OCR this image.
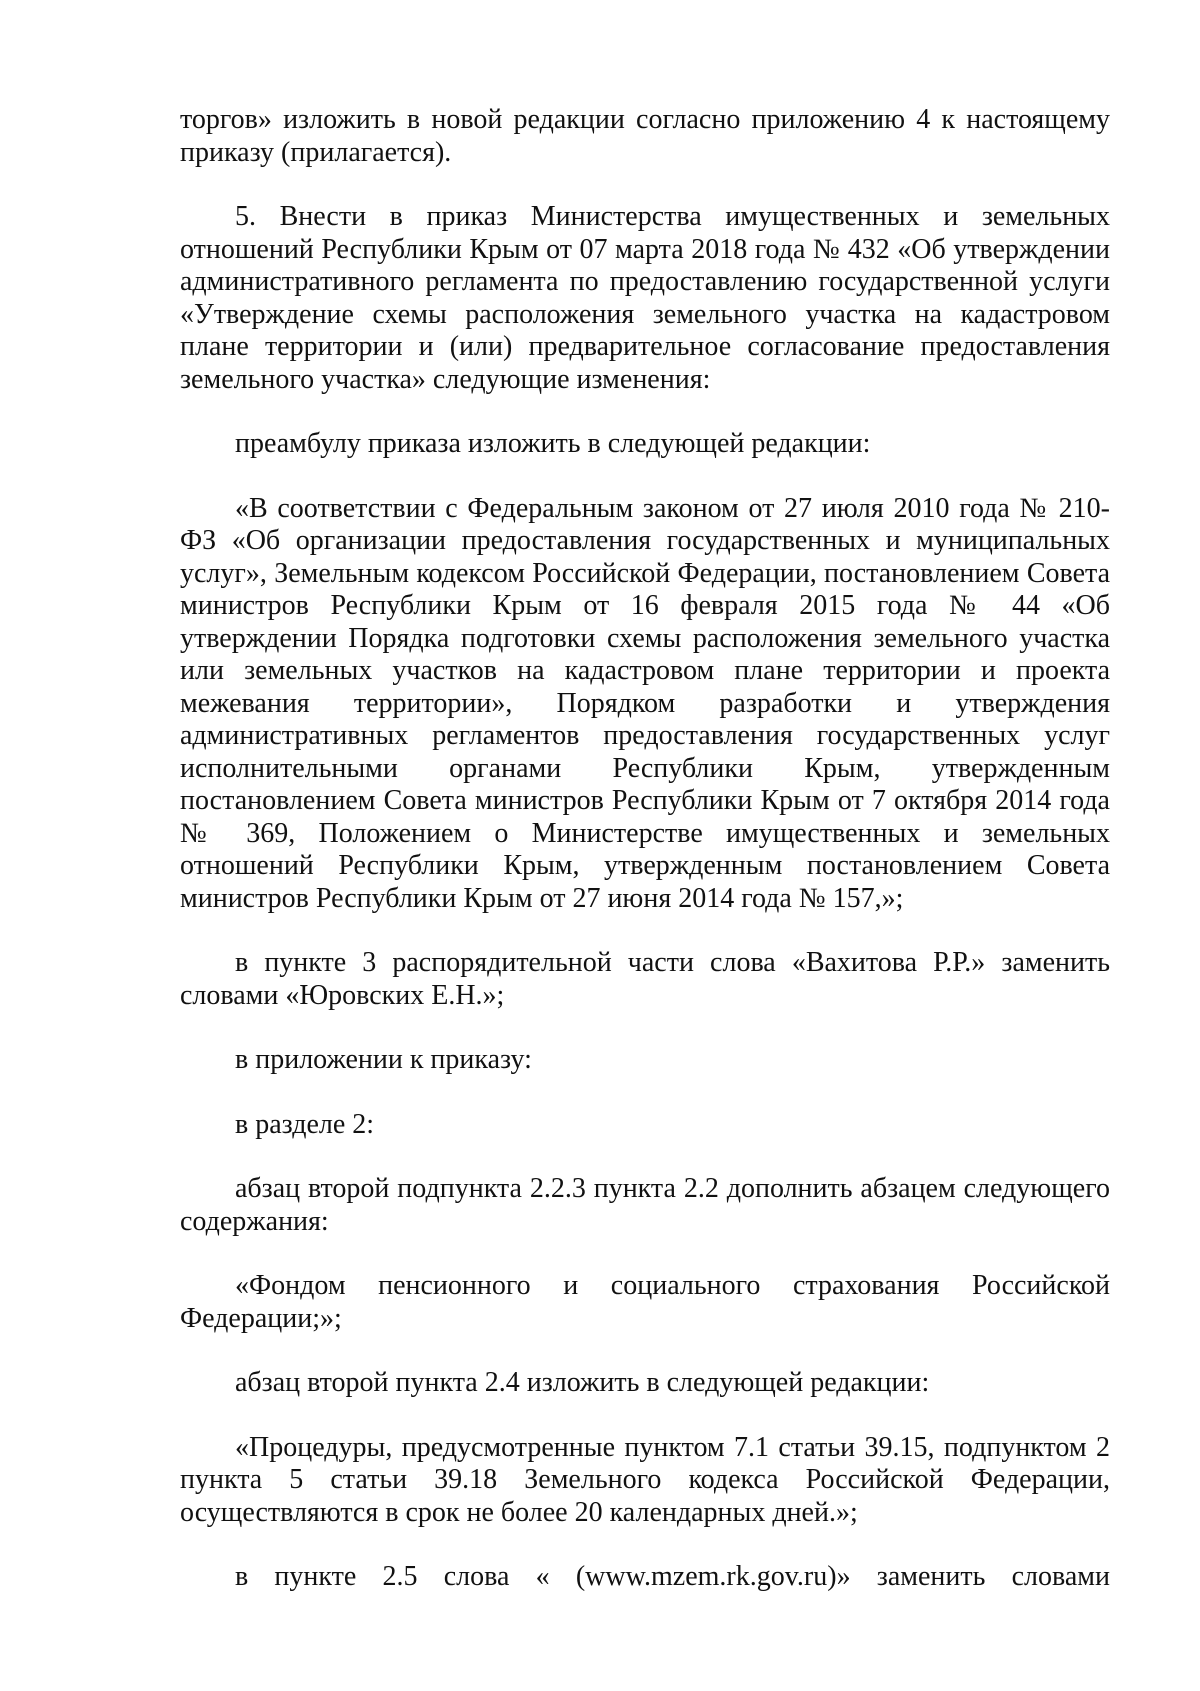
торгов» изложить в новой редакции согласно приложению 4 к настоящему приказу (прилагается).

5. Внести в приказ Министерства имущественных и земельных отношений Республики Крым от 07 марта 2018 года № 432 «Об утверждении административного регламента по предоставлению государственной услуги «Утверждение схемы расположения земельного участка на кадастровом плане территории и (или) предварительное согласование предоставления земельного участка» следующие изменения:

преамбулу приказа изложить в следующей редакции:

«В соответствии с Федеральным законом от 27 июля 2010 года № 210-ФЗ «Об организации предоставления государственных и муниципальных услуг», Земельным кодексом Российской Федерации, постановлением Совета министров Республики Крым от 16 февраля 2015 года № 44 «Об утверждении Порядка подготовки схемы расположения земельного участка или земельных участков на кадастровом плане территории и проекта межевания территории», Порядком разработки и утверждения административных регламентов предоставления государственных услуг исполнительными органами Республики Крым, утвержденным постановлением Совета министров Республики Крым от 7 октября 2014 года № 369, Положением о Министерстве имущественных и земельных отношений Республики Крым, утвержденным постановлением Совета министров Республики Крым от 27 июня 2014 года № 157,»;

в пункте 3 распорядительной части слова «Вахитова Р.Р.» заменить словами «Юровских Е.Н.»;

в приложении к приказу:

в разделе 2:

абзац второй подпункта 2.2.3 пункта 2.2 дополнить абзацем следующего содержания:

«Фондом пенсионного и социального страхования Российской Федерации;»;

абзац второй пункта 2.4 изложить в следующей редакции:

«Процедуры, предусмотренные пунктом 7.1 статьи 39.15, подпунктом 2 пункта 5 статьи 39.18 Земельного кодекса Российской Федерации, осуществляются в срок не более 20 календарных дней.»;

в пункте 2.5 слова « (www.mzem.rk.gov.ru)» заменить словами
